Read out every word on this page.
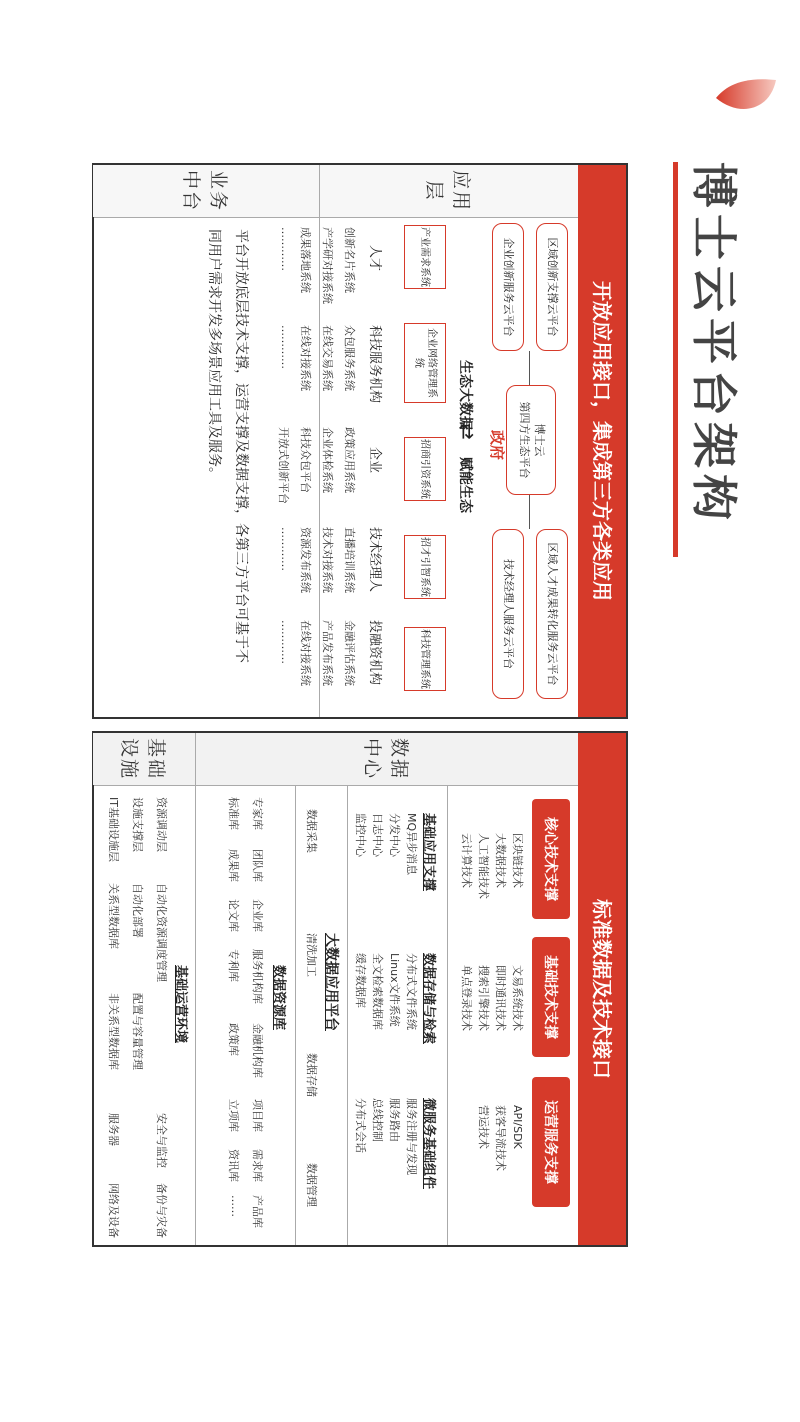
博士云平台架构
开放应用接口，集成第三方各类应用
应用层
业务中台
区域创新支撑云平台
企业创新服务云平台
博士云
第四方生态平台
区域人才成果转化服务云平台
技术经理人服务云平台
生态大数据
⇄ 政府
赋能生态
产业需求系统
企业网络管理系统
招商引资系统
招才引智系统
科技管理系统
人才
创新名片系统
产学研对接系统
成果落地系统
…………
科技服务机构
众包服务系统
在线交易系统
在线对接系统
…………
企业
政策应用系统
企业体检系统
科技众包平台
开放式创新平台
技术经理人
直播培训系统
技术对接系统
资源发布系统
…………
投融资机构
金融评估系统
产品发布系统
在线对接系统
…………
平台开放底层技术支撑，运营支撑及数据支撑，各第三方平台可基于不
同用户需求开发多场景应用工具及服务。
标准数据及技术接口
数据中心
基础设施
核心技术支撑
基础技术支撑
运营服务支撑
区块链技术
大数据技术
人工智能技术
云计算技术
文易系统技术
即时通讯技术
搜索引擎技术
单点登录技术
API/SDK
获客导流技术
营运技术
基础应用支撑
MQ异步消息
分发中心
日志中心
监控中心
数据存储与检索
分布式文件系统
Linux文件系统
全文检索数据库
缓存数据库
微服务基础组件
服务注册与发现
服务路由
总线控制
分布式会话
大数据应用平台
数据采集
清洗加工
数据存储
数据管理
数据资源库
专家库
团队库
企业库
服务机构库
金融机构库
项目库
需求库
产品库
标准库
成果库
论文库
专利库
政策库
立项库
资讯库
……
基础运营环境
资源调动层
自动化资源调度管理
安全与监控
备份与灾备
设施支撑层
自动化部署
配置与容量管理
IT基础设施层
关系型数据库
非关系型数据库
服务器
网络及设备
